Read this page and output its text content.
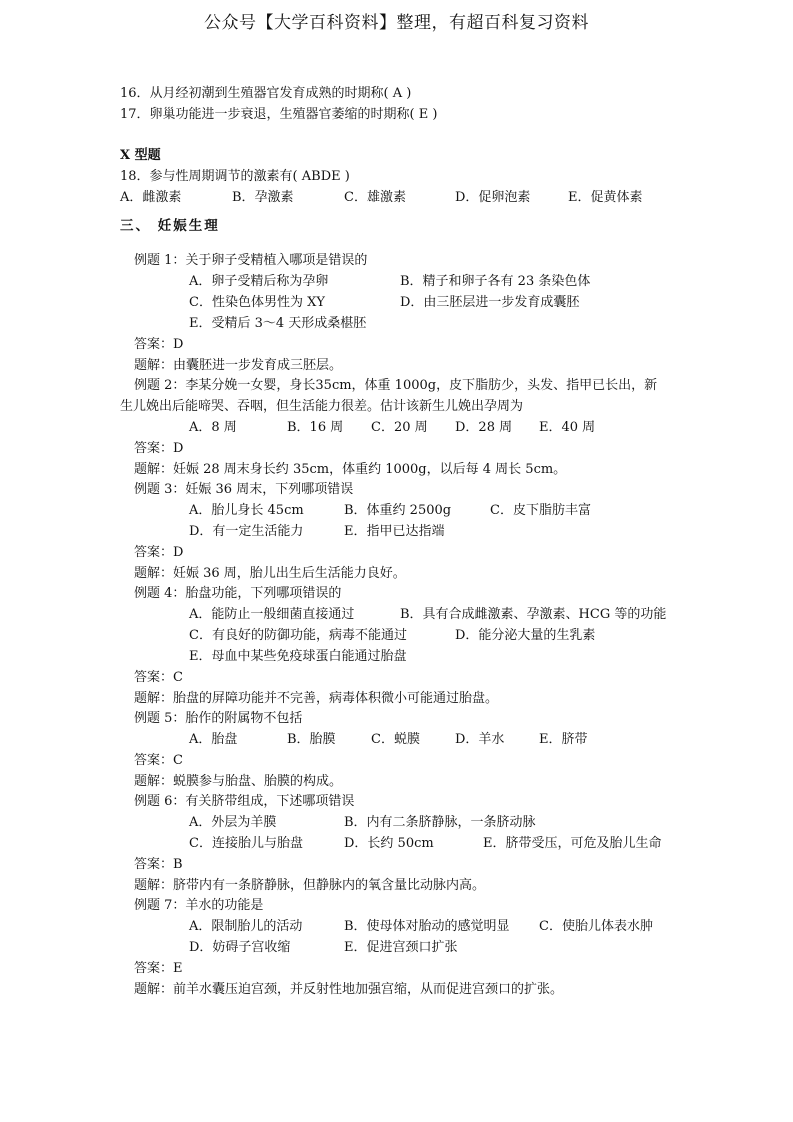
公众号【大学百科资料】整理，有超百科复习资料
16．从月经初潮到生殖器官发育成熟的时期称( A )
17．卵巢功能进一步衰退，生殖器官萎缩的时期称( E )
X 型题
18．参与性周期调节的激素有( ABDE )
A．雌激素	B．孕激素	C．雄激素	D．促卵泡素	E．促黄体素
三、 妊娠生理
例题 1：关于卵子受精植入哪项是错误的
A．卵子受精后称为孕卵	B．精子和卵子各有 23 条染色体
C．性染色体男性为 XY	D．由三胚层进一步发育成囊胚
E．受精后 3～4 天形成桑椹胚
答案：D
题解：由囊胚进一步发育成三胚层。
例题 2：李某分娩一女婴，身长35cm，体重 1000g，皮下脂肪少，头发、指甲已长出，新
生儿娩出后能啼哭、吞咽，但生活能力很差。估计该新生儿娩出孕周为
A．8 周	B．16 周 C．20 周 D．28 周 E．40 周
答案：D
题解：妊娠 28 周末身长约 35cm，体重约 1000g，以后每 4 周长 5cm。
例题 3：妊娠 36 周末，下列哪项错误
A．胎儿身长 45cm	B．体重约 2500g	C．皮下脂肪丰富
D．有一定生活能力	E．指甲已达指端
答案：D
题解：妊娠 36 周，胎儿出生后生活能力良好。
例题 4：胎盘功能，下列哪项错误的
A．能防止一般细菌直接通过	B．具有合成雌激素、孕激素、HCG 等的功能
C．有良好的防御功能，病毒不能通过	D．能分泌大量的生乳素
E．母血中某些免疫球蛋白能通过胎盘
答案：C
题解：胎盘的屏障功能并不完善，病毒体积微小可能通过胎盘。
例题 5：胎作的附属物不包括
A．胎盘	B．胎膜	C．蜕膜	D．羊水	E．脐带
答案：C
题解：蜕膜参与胎盘、胎膜的构成。
例题 6：有关脐带组成，下述哪项错误
A．外层为羊膜	B．内有二条脐静脉，一条脐动脉
C．连接胎儿与胎盘	D．长约 50cm	E．脐带受压，可危及胎儿生命
答案：B
题解：脐带内有一条脐静脉，但静脉内的氧含量比动脉内高。
例题 7：羊水的功能是
A．限制胎儿的活动	B．使母体对胎动的感觉明显 C．使胎儿体表水肿
D．妨碍子宫收缩	E．促进宫颈口扩张
答案：E
题解：前羊水囊压迫宫颈，并反射性地加强宫缩，从而促进宫颈口的扩张。
